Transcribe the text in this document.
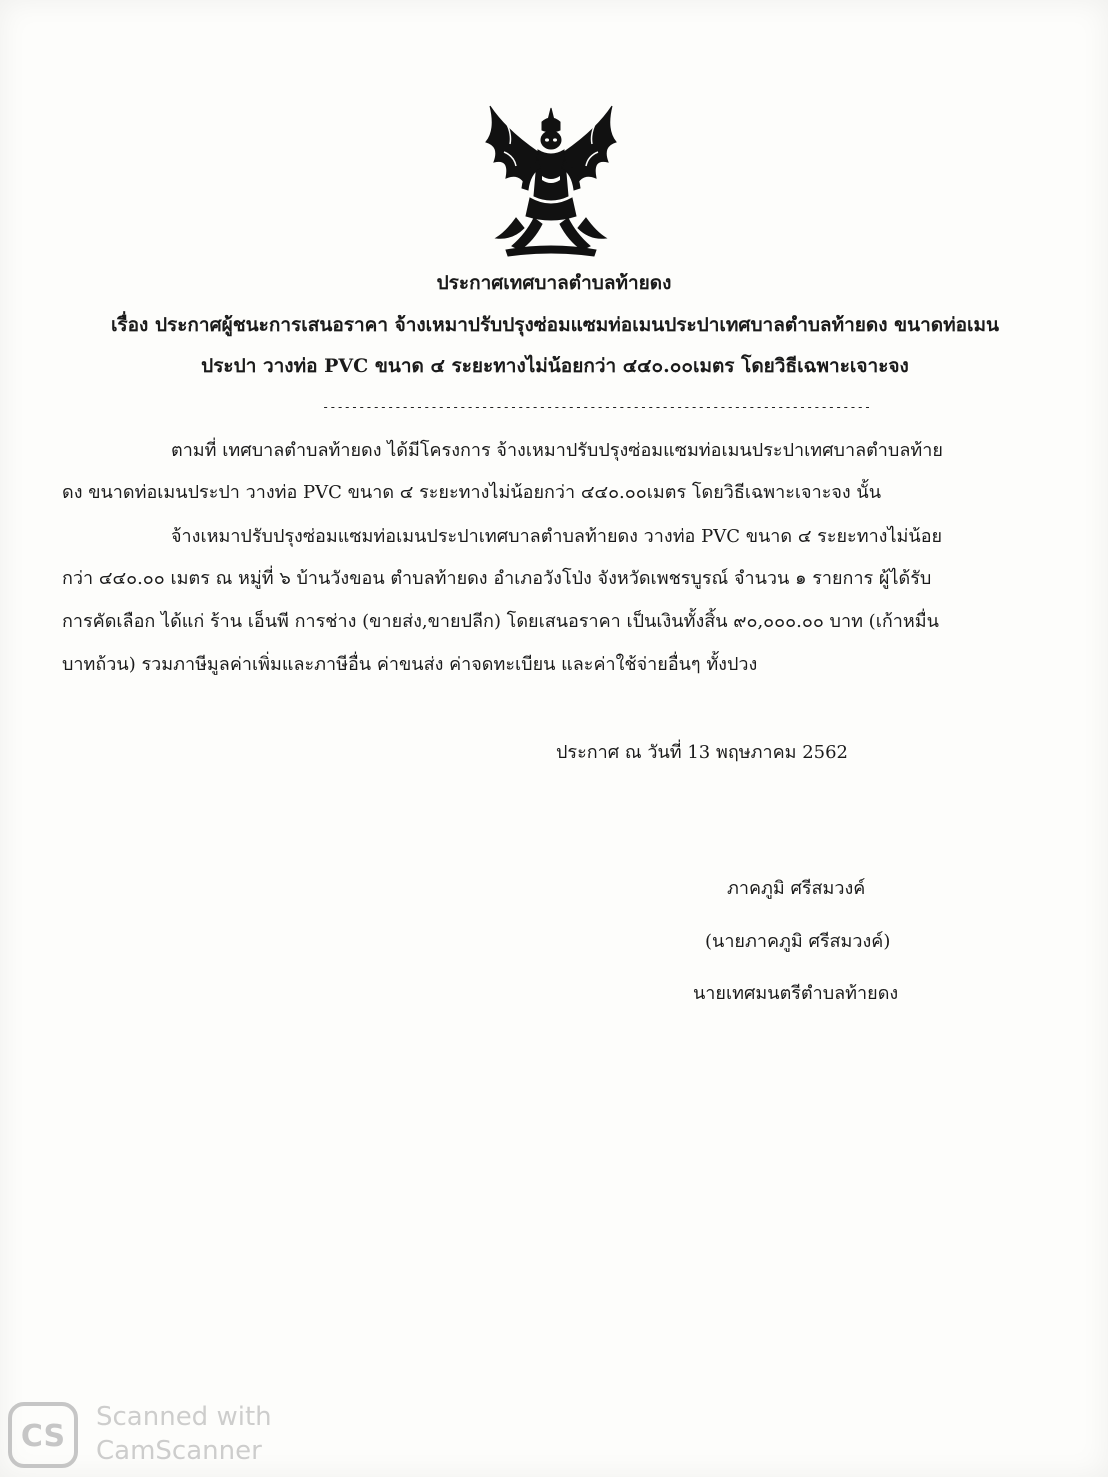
ประกาศเทศบาลตำบลท้ายดง
เรื่อง ประกาศผู้ชนะการเสนอราคา จ้างเหมาปรับปรุงซ่อมแซมท่อเมนประปาเทศบาลตำบลท้ายดง ขนาดท่อเมน
ประปา วางท่อ PVC ขนาด ๔ ระยะทางไม่น้อยกว่า ๔๔๐.๐๐เมตร โดยวิธีเฉพาะเจาะจง
----------------------------------------------------------------------------
ตามที่ เทศบาลตำบลท้ายดง ได้มีโครงการ จ้างเหมาปรับปรุงซ่อมแซมท่อเมนประปาเทศบาลตำบลท้าย
ดง ขนาดท่อเมนประปา วางท่อ PVC ขนาด ๔ ระยะทางไม่น้อยกว่า ๔๔๐.๐๐เมตร โดยวิธีเฉพาะเจาะจง นั้น
จ้างเหมาปรับปรุงซ่อมแซมท่อเมนประปาเทศบาลตำบลท้ายดง วางท่อ PVC ขนาด ๔ ระยะทางไม่น้อย
กว่า ๔๔๐.๐๐ เมตร ณ หมู่ที่ ๖ บ้านวังขอน ตำบลท้ายดง อำเภอวังโป่ง จังหวัดเพชรบูรณ์ จำนวน ๑ รายการ ผู้ได้รับ
การคัดเลือก ได้แก่ ร้าน เอ็นพี การช่าง (ขายส่ง,ขายปลีก) โดยเสนอราคา เป็นเงินทั้งสิ้น ๙๐,๐๐๐.๐๐ บาท (เก้าหมื่น
บาทถ้วน) รวมภาษีมูลค่าเพิ่มและภาษีอื่น ค่าขนส่ง ค่าจดทะเบียน และค่าใช้จ่ายอื่นๆ ทั้งปวง
ประกาศ ณ วันที่ 13 พฤษภาคม 2562
ภาคภูมิ ศรีสมวงค์
(นายภาคภูมิ ศรีสมวงค์)
นายเทศมนตรีตำบลท้ายดง
CS
Scanned with
CamScanner
